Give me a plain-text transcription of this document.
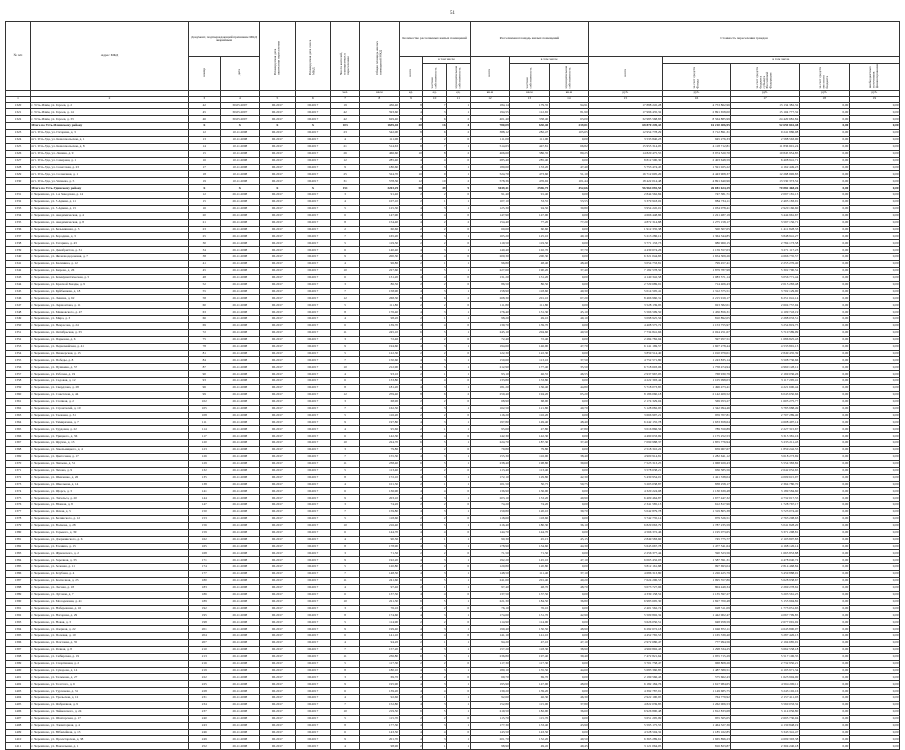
51
№ п/п	Адрес МКД	Документ, подтверждающий признание МКД аварийным		Планируемая дата окончания переселения	Планируемая дата сноса МКД	Число жителей, планируемых к переселению	Общая площадь жилых помещений МКД	Количество расселяемых жилых помещений			Расселяемая площадь жилых помещений			Стоимость переселения граждан				
		номер	дата					всего	в том числе		всего	в том числе		всего	в том числе			
									частная собственность	муниципальная собственность		частная собственность	муниципальная собственность		за счет средств Фонда	за счет средств бюджета субъекта Российской Федерации	за счет средств местного бюджета	внебюджетных источников финансирования
						чел.	кв.м	ед.	ед.	ед.	кв.м	кв.м	кв.м	руб.	руб.	руб.	руб.	руб.
1	2	3	4	5	6	7	8	9	10	11	12	13	14	15	16	17	18	19
1320	г. Усть-Илим, ул. Героев, д. 2	42	30.05.2007	III.2017	III.2017	19	436,40	8	7	1	184,14	179,35	94,91	17 888 245,28	4 753 862,96	13 134 382,32	0,00	0,00
1321	г. Усть-Илим, ул. Героев, д. 14	45	30.05.2007	III.2017	III.2017	42	593,60	4	3	1	194,55	112,65	81,90	17 996 435,32	2 891 658,00	15 104 777,32	0,00	0,00
1322	г. Усть-Илим, ул. Героев, д. 33	46	30.05.2007	III.2017	III.2017	42	629,40	8	6	2	401,40	338,40	63,00	32 985 568,83	8 564 885,99	24 420 682,84	0,00	0,00
	Итого по Усть-Илимскому району	X	X	X	X	103	1659,40	20	16	4	780,09	630,40	239,81	68 870 249,43	16 210 406,95	52 659 842,48	0,00	0,00
1323	пгт. Усть-Уда, ул. Гагарина, д. 3	12	10.11.2008	III.2017	III.2017	23	542,00	8	6	2	388,12	282,47	105,65	12 954 778,29	3 712 891,31	9 241 886,98	0,00	0,00
1324	пгт. Усть-Уда, ул. Комсомольская, д. 1	13	10.11.2008	III.2017	III.2017	4	111,00	2	2	0	111,00	111,00	0,00	3 533 840,23	945 276,33	2 588 563,90	0,00	0,00
1325	пгт. Усть-Уда, ул. Комсомольская, д. 8	14	10.11.2008	III.2017	III.2017	21	514,63	8	7	1	514,63	447,81	66,82	15 955 314,05	4 118 712,81	11 836 601,24	0,00	0,00
1326	пгт. Усть-Уда, ул. Ленина, д. 9	15	10.11.2008	III.2017	III.2017	26	466,60	10	8	2	466,60	386,35	80,25	14 820 475,55	3 974 520,70	10 845 954,85	0,00	0,00
1327	пгт. Усть-Уда, ул. Северная, д. 1	16	10.11.2008	III.2017	III.2017	12	285,40	4	4	0	285,40	285,40	0,00	8 812 590,30	2 403 648,59	6 408 941,71	0,00	0,00
1328	пгт. Усть-Уда, ул. Советская, д. 23	17	10.11.2008	III.2017	III.2017	9	180,60	4	3	1	180,60	133,20	47,40	5 753 474,45	1 591 025,22	4 162 449,23	0,00	0,00
1329	пгт. Усть-Уда, ул. Солнечная, д. 1	18	10.11.2008	III.2017	III.2017	25	524,70	10	9	1	524,70	473,60	51,10	16 712 605,20	4 443 908,37	12 268 696,83	0,00	0,00
1330	пгт. Усть-Уда, ул. Чапаева, д. 5	19	10.11.2008	III.2017	III.2017	31	578,36	12	10	2	578,36	476,92	101,44	18 422 014,48	4 891 640,96	13 530 373,52	0,00	0,00
	Итого по Усть-Удинскому району	X	X	X	X	151	3203,29	58	49	9	3049,41	2596,75	452,66	96 964 092,55	26 081 624,29	70 882 468,26	0,00	0,00
1331	г. Черемхово, ул. 1-я Заводская, д. 14	12	26.11.2008	III.2017	III.2017	3	91,40	2	2	0	91,40	91,40	0,00	2 844 562,84	747 381,71	2 097 181,13	0,00	0,00
1332	г. Черемхово, ул. 5 Армии, д. 11	15	26.11.2008	III.2017	III.2017	4	107,10	2	1	1	107,10	53,55	53,55	3 379 918,02	884 734,11	2 495 183,91	0,00	0,00
1333	г. Черемхово, ул. 5 Армии, д. 15	16	26.11.2008	III.2017	III.2017	5	125,30	4	3	1	125,30	94,50	30,80	3 954 245,01	1 034 078,41	2 920 166,60	0,00	0,00
1334	г. Черемхово, ул. Академическая, д. 4	20	26.11.2008	III.2017	III.2017	6	147,90	4	4	0	147,90	147,90	0,00	4 666 448,86	1 221 487,19	3 444 961,67	0,00	0,00
1335	г. Черемхово, ул. Академическая, д. 8	21	26.11.2008	III.2017	III.2017	8	154,40	4	2	2	154,40	77,20	77,20	4 872 314,88	1 275 158,17	3 597 156,71	0,00	0,00
1336	г. Черемхово, ул. Безымянная, д. 3	23	26.11.2008	III.2017	III.2017	2	60,60	2	2	0	60,60	60,60	0,00	1 912 335,38	500 507,05	1 411 828,33	0,00	0,00
1337	г. Черемхово, ул. Бородина, д. 3	25	26.11.2008	III.2017	III.2017	7	165,20	4	3	1	165,20	125,10	40,10	5 213 286,12	1 364 344,85	3 848 941,27	0,00	0,00
1338	г. Черемхово, ул. Гагарина, д. 43	30	26.11.2008	III.2017	III.2017	5	119,50	2	2	0	119,50	119,50	0,00	3 771 133,73	986 960,15	2 784 173,58	0,00	0,00
1339	г. Черемхово, ул. Декабристов, д. 31	34	26.11.2008	III.2017	III.2017	6	140,40	4	3	1	140,40	102,70	37,70	4 430 674,26	1 159 557,03	3 271 117,23	0,00	0,00
1340	г. Черемхово, ул. Железнодорожная, д. 7	38	26.11.2008	III.2017	III.2017	9	200,30	4	4	0	200,30	200,30	0,00	6 321 044,83	1 654 309,26	4 666 735,57	0,00	0,00
1341	г. Черемхово, ул. Калинина, д. 12	41	26.11.2008	III.2017	III.2017	4	96,80	2	1	1	96,80	48,40	48,40	3 054 733,81	799 457,41	2 255 276,40	0,00	0,00
1342	г. Черемхово, ул. Кирова, д. 26	45	26.11.2008	III.2017	III.2017	10	227,60	6	5	1	227,60	190,20	37,40	7 182 578,50	1 879 787,98	5 302 790,52	0,00	0,00
1343	г. Черемхово, ул. Коммунистическая, д. 5	48	26.11.2008	III.2017	III.2017	6	131,20	4	4	0	131,20	131,20	0,00	4 140 342,58	1 083 571,14	3 056 771,44	0,00	0,00
1344	г. Черемхово, ул. Красной Звезды, д. 9	52	26.11.2008	III.2017	III.2017	3	86,50	2	2	0	86,50	86,50	0,00	2 729 689,91	714 406,43	2 015 283,48	0,00	0,00
1345	г. Черемхово, ул. Куйбышева, д. 18	55	26.11.2008	III.2017	III.2017	7	158,90	4	3	1	158,90	118,60	40,30	5 014 505,41	1 312 375,51	3 702 129,90	0,00	0,00
1346	г. Черемхово, ул. Ленина, д. 62	58	26.11.2008	III.2017	III.2017	12	268,30	8	6	2	268,30	201,10	67,20	8 466 960,31	2 215 919,17	6 251 041,14	0,00	0,00
1347	г. Черемхово, ул. Лермонтова, д. 11	60	26.11.2008	III.2017	III.2017	5	111,80	2	2	0	111,80	111,80	0,00	3 528 139,95	923 382,01	2 604 757,94	0,00	0,00
1348	г. Черемхово, ул. Маяковского, д. 47	63	26.11.2008	III.2017	III.2017	8	176,40	4	3	1	176,40	131,30	45,10	5 566 599,50	1 456 856,31	4 109 743,19	0,00	0,00
1349	г. Черемхово, ул. Мира, д. 3	66	26.11.2008	III.2017	III.2017	4	98,20	2	1	1	98,20	49,10	49,10	3 098 925,56	810 892,05	2 288 033,51	0,00	0,00
1350	г. Черемхово, ул. Некрасова, д. 24	69	26.11.2008	III.2017	III.2017	6	139,70	4	4	0	139,70	139,70	0,00	4 408 575,72	1 153 755,97	3 254 819,75	0,00	0,00
1351	г. Черемхово, ул. Октябрьская, д. 33	72	26.11.2008	III.2017	III.2017	11	245,10	6	5	1	245,10	204,60	40,50	7 734 841,66	2 024 251,67	5 710 589,99	0,00	0,00
1352	г. Черемхово, ул. Парковая, д. 6	75	26.11.2008	III.2017	III.2017	3	72,40	2	2	0	72,40	72,40	0,00	2 284 782,94	597 957,51	1 686 825,43	0,00	0,00
1353	г. Черемхово, ул. Первомайская, д. 41	78	26.11.2008	III.2017	III.2017	9	194,60	4	3	1	194,60	146,90	47,70	6 141 169,57	1 607 278,44	4 533 891,13	0,00	0,00
1354	г. Черемхово, ул. Пионерская, д. 15	81	26.11.2008	III.2017	III.2017	5	122,30	2	2	0	122,30	122,30	0,00	3 859 514,40	1 010 079,01	2 849 435,39	0,00	0,00
1355	г. Черемхово, ул. Победы, д. 8	84	26.11.2008	III.2017	III.2017	7	150,60	4	3	1	150,60	113,10	37,50	4 752 571,80	1 243 835,14	3 508 736,66	0,00	0,00
1356	г. Черемхово, ул. Пушкина, д. 57	87	26.11.2008	III.2017	III.2017	10	212,90	6	5	1	212,90	177,40	35,50	6 718 603,06	1 758 474,94	4 960 128,12	0,00	0,00
1357	г. Черемхово, ул. Рабочая, д. 19	90	26.11.2008	III.2017	III.2017	4	93,10	2	1	1	93,10	46,55	46,55	2 937 967,05	768 930,79	2 169 036,26	0,00	0,00
1358	г. Черемхово, ул. Садовая, д. 12	93	26.11.2008	III.2017	III.2017	6	133,80	4	4	0	133,80	133,80	0,00	4 222 393,44	1 105 098,03	3 117 295,41	0,00	0,00
1359	г. Черемхово, ул. Свердлова, д. 28	96	26.11.2008	III.2017	III.2017	8	181,20	4	3	1	181,20	136,40	44,80	5 718 073,85	1 496 473,41	4 221 600,44	0,00	0,00
1360	г. Черемхово, ул. Советская, д. 44	99	26.11.2008	III.2017	III.2017	12	259,40	8	6	2	259,40	194,20	65,20	8 186 060,18	2 142 409,52	6 043 650,66	0,00	0,00
1361	г. Черемхово, ул. Степная, д. 2	102	26.11.2008	III.2017	III.2017	3	68,90	2	2	0	68,90	68,90	0,00	2 174 329,04	569 053,27	1 605 275,77	0,00	0,00
1362	г. Черемхово, ул. Строителей, д. 10	105	26.11.2008	III.2017	III.2017	7	162,50	4	3	1	162,50	121,80	40,70	5 128 082,95	1 342 094,46	3 785 988,49	0,00	0,00
1363	г. Черемхово, ул. Таежная, д. 31	108	26.11.2008	III.2017	III.2017	5	116,20	2	2	0	116,20	116,20	0,00	3 666 997,21	959 707,81	2 707 289,40	0,00	0,00
1364	г. Черемхово, ул. Тимирязева, д. 7	111	26.11.2008	III.2017	III.2017	9	197,80	4	3	1	197,80	149,40	48,40	6 242 155,78	1 633 658,64	4 608 497,14	0,00	0,00
1365	г. Черемхово, ул. Трудовая, д. 22	114	26.11.2008	III.2017	III.2017	4	95,60	2	1	1	95,60	47,80	47,80	3 016 866,56	789 550,89	2 227 315,67	0,00	0,00
1366	г. Черемхово, ул. Урицкого, д. 36	117	26.11.2008	III.2017	III.2017	6	142,30	4	4	0	142,30	142,30	0,00	4 490 633,69	1 175 252,53	3 315 381,16	0,00	0,00
1367	г. Черемхово, ул. Фрунзе, д. 13	120	26.11.2008	III.2017	III.2017	10	224,70	6	5	1	224,70	187,30	37,40	7 090 988,37	1 855 776,94	5 235 211,43	0,00	0,00
1368	г. Черемхово, ул. Хмельницкого, д. 4	123	26.11.2008	III.2017	III.2017	3	79,80	2	2	0	79,80	79,80	0,00	2 518 310,22	659 067,67	1 859 242,55	0,00	0,00
1369	г. Черемхово, ул. Цветочная, д. 17	126	26.11.2008	III.2017	III.2017	7	155,30	4	3	1	155,30	116,90	38,40	4 900 914,81	1 282 641,12	3 618 273,69	0,00	0,00
1370	г. Черемхово, ул. Чапаева, д. 51	129	26.11.2008	III.2017	III.2017	11	238,40	6	5	1	238,40	198,80	39,60	7 523 313,25	1 968 929,43	5 554 383,82	0,00	0,00
1371	г. Черемхово, ул. Чехова, д. 9	132	26.11.2008	III.2017	III.2017	5	113,40	2	2	0	113,40	113,40	0,00	3 578 638,21	936 585,56	2 642 052,65	0,00	0,00
1372	г. Черемхово, ул. Шевченко, д. 26	135	26.11.2008	III.2017	III.2017	8	172,10	4	3	1	172,10	129,80	42,30	5 430 954,01	1 421 338,04	4 009 615,97	0,00	0,00
1373	г. Черемхово, ул. Школьная, д. 14	138	26.11.2008	III.2017	III.2017	4	101,50	2	1	1	101,50	50,75	50,75	3 203 038,87	838 258,17	2 364 780,70	0,00	0,00
1374	г. Черемхово, ул. Щорса, д. 3	141	26.11.2008	III.2017	III.2017	6	136,90	4	4	0	136,90	136,90	0,00	4 320 224,08	1 130 639,48	3 189 584,60	0,00	0,00
1375	г. Черемхово, ул. Энгельса, д. 20	144	26.11.2008	III.2017	III.2017	9	203,10	4	3	1	203,10	153,20	49,90	6 409 464,87	1 677 447,32	4 732 017,55	0,00	0,00
1376	г. Черемхово, ул. Южная, д. 8	147	26.11.2008	III.2017	III.2017	3	74,20	2	2	0	74,20	74,20	0,00	2 341 585,13	612 817,96	1 728 767,17	0,00	0,00
1377	г. Черемхово, ул. Ясная, д. 5	150	26.11.2008	III.2017	III.2017	7	159,80	4	3	1	159,80	120,10	39,70	5 042 879,78	1 319 805,38	3 723 074,40	0,00	0,00
1378	г. Черемхово, ул. Белинского, д. 12	153	26.11.2008	III.2017	III.2017	5	118,60	2	2	0	118,60	118,60	0,00	3 742 735,14	979 526,51	2 763 208,63	0,00	0,00
1379	г. Черемхово, ул. Волкова, д. 28	156	26.11.2008	III.2017	III.2017	10	216,40	6	5	1	216,40	180,30	36,10	6 829 063,79	1 787 235,59	5 041 828,20	0,00	0,00
1380	г. Черемхово, ул. Горького, д. 39	159	26.11.2008	III.2017	III.2017	6	144,70	4	4	0	144,70	144,70	0,00	4 566 372,46	1 195 073,65	3 371 298,81	0,00	0,00
1381	г. Черемхово, ул. Дзержинского, д. 6	162	26.11.2008	III.2017	III.2017	4	90,30	2	1	1	90,30	45,15	45,15	2 849 583,60	745 775,77	2 103 807,83	0,00	0,00
1382	г. Черемхово, ул. Есенина, д. 15	165	26.11.2008	III.2017	III.2017	8	178,90	4	3	1	178,90	134,60	44,30	5 645 667,78	1 477 541,64	4 168 126,14	0,00	0,00
1383	г. Черемхово, ул. Жуковского, д. 2	168	26.11.2008	III.2017	III.2017	3	71,50	2	2	0	71,50	71,50	0,00	2 256 377,44	590 523,56	1 665 853,88	0,00	0,00
1384	г. Черемхово, ул. Заречная, д. 33	171	26.11.2008	III.2017	III.2017	9	192,20	4	3	1	192,20	145,10	47,10	6 065 432,03	1 587 391,31	4 478 040,72	0,00	0,00
1385	г. Черемхово, ул. Зеленая, д. 11	174	26.11.2008	III.2017	III.2017	5	120,80	2	2	0	120,80	120,80	0,00	3 812 161,88	997 693,04	2 814 468,84	0,00	0,00
1386	г. Черемхово, ул. Клубная, д. 4	177	26.11.2008	III.2017	III.2017	7	148,50	4	3	1	148,50	111,40	37,10	4 686 313,80	1 226 425,79	3 459 888,01	0,00	0,00
1387	г. Черемхово, ул. Колхозная, д. 25	180	26.11.2008	III.2017	III.2017	11	241,60	6	5	1	241,60	201,40	40,20	7 624 296,53	1 995 357,86	5 628 938,67	0,00	0,00
1388	г. Черемхово, ул. Лесная, д. 18	183	26.11.2008	III.2017	III.2017	4	97,40	2	1	1	97,40	48,70	48,70	3 073 727,96	804 449,34	2 269 278,62	0,00	0,00
1389	г. Черемхово, ул. Луговая, д. 7	186	26.11.2008	III.2017	III.2017	6	137,50	4	4	0	137,50	137,50	0,00	4 339 158,52	1 135 597,27	3 203 561,25	0,00	0,00
1390	г. Черемхово, ул. Молодежная, д. 41	189	26.11.2008	III.2017	III.2017	10	221,30	6	5	1	221,30	184,50	36,80	6 983 695,30	1 827 700,48	5 155 994,82	0,00	0,00
1391	г. Черемхово, ул. Набережная, д. 16	192	26.11.2008	III.2017	III.2017	3	76,10	2	2	0	76,10	76,10	0,00	2 401 562,74	628 511,09	1 773 051,65	0,00	0,00
1392	г. Черемхово, ул. Нагорная, д. 29	195	26.11.2008	III.2017	III.2017	8	174,60	4	3	1	174,60	131,70	42,90	5 509 802,32	1 442 002,47	4 067 799,85	0,00	0,00
1393	г. Черемхово, ул. Новая, д. 3	198	26.11.2008	III.2017	III.2017	5	114,90	2	2	0	114,90	114,90	0,00	3 626 050,51	948 958,59	2 677 091,92	0,00	0,00
1394	г. Черемхово, ул. Озерная, д. 22	201	26.11.2008	III.2017	III.2017	9	199,40	4	3	1	199,40	150,50	48,90	6 292 672,18	1 646 872,11	4 645 800,07	0,00	0,00
1395	г. Черемхово, ул. Полевая, д. 10	204	26.11.2008	III.2017	III.2017	6	141,10	4	4	0	141,10	141,10	0,00	4 452 765,53	1 165 339,40	3 287 426,13	0,00	0,00
1396	г. Черемхово, ул. Почтовая, д. 35	207	26.11.2008	III.2017	III.2017	4	94,20	2	1	1	94,20	47,10	47,10	2 972 680,47	777 994,56	2 194 685,91	0,00	0,00
1397	г. Черемхово, ул. Речная, д. 8	210	26.11.2008	III.2017	III.2017	7	157,20	4	3	1	157,20	118,30	38,90	4 960 892,43	1 298 334,25	3 662 558,18	0,00	0,00
1398	г. Черемхово, ул. Сибирская, д. 19	213	26.11.2008	III.2017	III.2017	11	236,80	6	5	1	236,80	197,40	39,40	7 472 821,64	1 955 715,29	5 517 106,35	0,00	0,00
1399	г. Черемхово, ул. Спортивная, д. 2	216	26.11.2008	III.2017	III.2017	5	117,30	2	2	0	117,30	117,30	0,00	3 701 758,47	968 808,26	2 732 950,21	0,00	0,00
1400	г. Черемхово, ул. Суворова, д. 14	219	26.11.2008	III.2017	III.2017	8	180,10	4	3	1	180,10	135,50	44,60	5 683 360,85	1 487 389,51	4 195 971,34	0,00	0,00
1401	г. Черемхово, ул. Тельмана, д. 27	222	26.11.2008	III.2017	III.2017	3	69,70	2	2	0	69,70	69,70	0,00	2 199 566,43	575 662,43	1 623 904,00	0,00	0,00
1402	г. Черемхово, ул. Толстого, д. 6	225	26.11.2008	III.2017	III.2017	9	195,90	4	3	1	195,90	147,90	48,00	6 182 184,76	1 617 984,65	4 564 200,11	0,00	0,00
1403	г. Черемхово, ул. Тургенева, д. 31	228	26.11.2008	III.2017	III.2017	6	139,20	4	4	0	139,20	139,20	0,00	4 392 787,91	1 149 685,75	3 243 102,16	0,00	0,00
1404	г. Черемхово, ул. Уральская, д. 12	231	26.11.2008	III.2017	III.2017	4	92,60	2	1	1	92,60	46,30	46,30	2 922 190,95	764 779,92	2 157 411,03	0,00	0,00
1405	г. Черемхово, ул. Фабричная, д. 9	234	26.11.2008	III.2017	III.2017	7	152,80	4	3	1	152,80	115,00	37,80	4 822 039,85	1 262 006,53	3 560 033,32	0,00	0,00
1406	г. Черемхово, ул. Чайковского, д. 24	237	26.11.2008	III.2017	III.2017	10	219,50	6	5	1	219,50	182,90	36,60	6 926 890,48	1 812 833,68	5 114 056,80	0,00	0,00
1407	г. Черемхово, ул. Шахтерская, д. 17	240	26.11.2008	III.2017	III.2017	5	115,70	2	2	0	115,70	115,70	0,00	3 651 295,99	955 565,05	2 695 730,94	0,00	0,00
1408	г. Черемхово, ул. Элеваторная, д. 4	243	26.11.2008	III.2017	III.2017	8	177,30	4	3	1	177,30	133,40	43,90	5 595 175,55	1 464 327,36	4 130 848,19	0,00	0,00
1409	г. Черемхово, ул. Юбилейная, д. 13	246	26.11.2008	III.2017	III.2017	6	143,50	4	4	0	143,50	143,50	0,00	4 528 504,32	1 185 162,85	3 343 341,47	0,00	0,00
1410	г. Черемхово, ул. Пролетарская, д. 38	249	26.11.2008	III.2017	III.2017	9	201,70	4	3	1	201,70	152,20	49,50	6 365 289,61	1 665 896,23	4 699 393,38	0,00	0,00
1411	г. Черемхово, ул. Вокзальная, д. 1	252	26.11.2008	III.2017	III.2017	4	98,90	2	1	1	98,90	49,45	49,45	3 121 064,05	816 823,87	2 304 240,18	0,00	0,00
